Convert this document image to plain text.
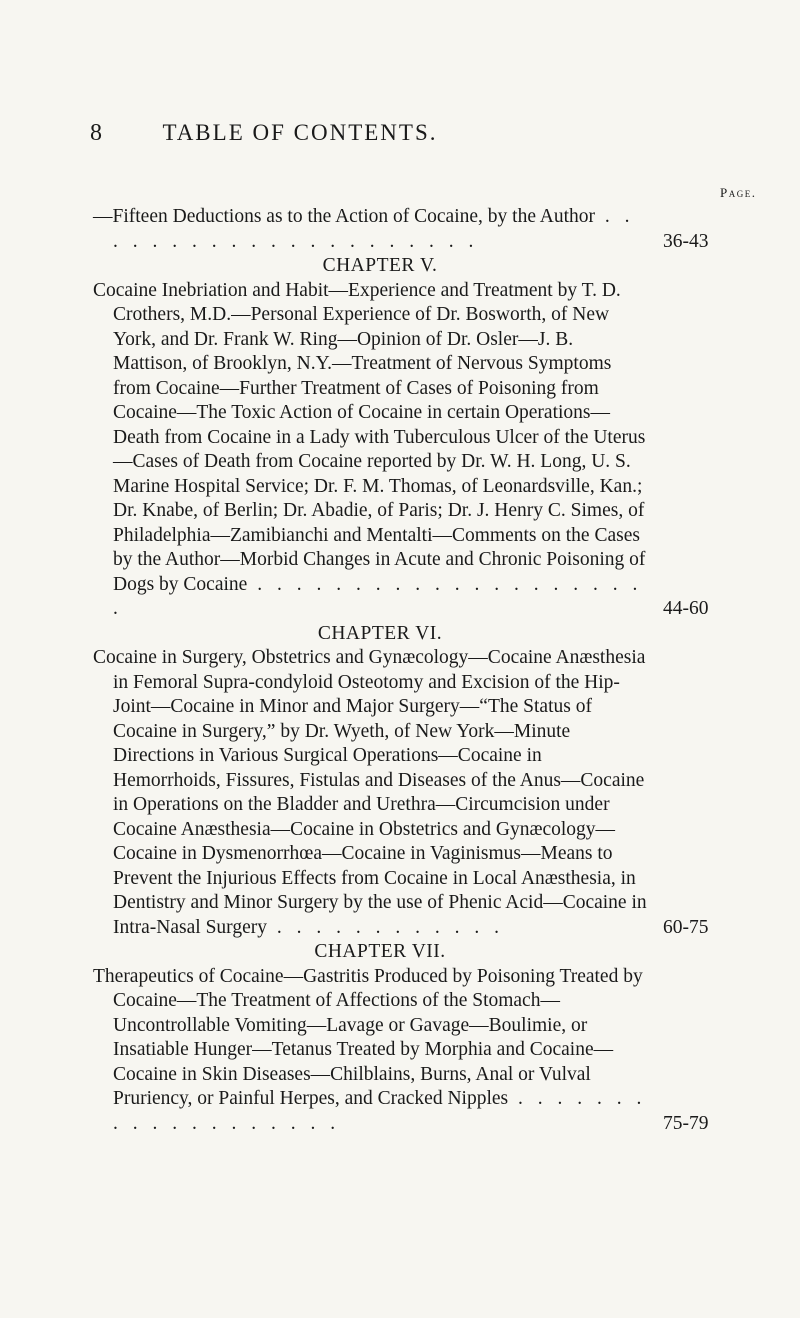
8	TABLE OF CONTENTS.
Page.
—Fifteen Deductions as to the Action of Cocaine, by the Author . . . . . . . . . . . . . . . . . . . . .	36-43
CHAPTER V.
Cocaine Inebriation and Habit—Experience and Treatment by T. D. Crothers, M.D.—Personal Experience of Dr. Bosworth, of New York, and Dr. Frank W. Ring—Opinion of Dr. Osler—J. B. Mattison, of Brooklyn, N.Y.—Treatment of Nervous Symptoms from Cocaine—Further Treatment of Cases of Poisoning from Cocaine—The Toxic Action of Cocaine in certain Operations—Death from Cocaine in a Lady with Tuberculous Ulcer of the Uterus—Cases of Death from Cocaine reported by Dr. W. H. Long, U. S. Marine Hospital Service; Dr. F. M. Thomas, of Leonardsville, Kan.; Dr. Knabe, of Berlin; Dr. Abadie, of Paris; Dr. J. Henry C. Simes, of Philadelphia—Zamibianchi and Mentalti—Comments on the Cases by the Author—Morbid Changes in Acute and Chronic Poisoning of Dogs by Cocaine . . . . . . . . . . . . . . . . . . . . .	44-60
CHAPTER VI.
Cocaine in Surgery, Obstetrics and Gynæcology—Cocaine Anæsthesia in Femoral Supra-condyloid Osteotomy and Excision of the Hip-Joint—Cocaine in Minor and Major Surgery—“The Status of Cocaine in Surgery,” by Dr. Wyeth, of New York—Minute Directions in Various Surgical Operations—Cocaine in Hemorrhoids, Fissures, Fistulas and Diseases of the Anus—Cocaine in Operations on the Bladder and Urethra—Circumcision under Cocaine Anæsthesia—Cocaine in Obstetrics and Gynæcology—Cocaine in Dysmenorrhœa—Cocaine in Vaginismus—Means to Prevent the Injurious Effects from Cocaine in Local Anæsthesia, in Dentistry and Minor Surgery by the use of Phenic Acid—Cocaine in Intra-Nasal Surgery . . . . . . . . . . . .	60-75
CHAPTER VII.
Therapeutics of Cocaine—Gastritis Produced by Poisoning Treated by Cocaine—The Treatment of Affections of the Stomach—Uncontrollable Vomiting—Lavage or Gavage—Boulimie, or Insatiable Hunger—Tetanus Treated by Morphia and Cocaine—Cocaine in Skin Diseases—Chilblains, Burns, Anal or Vulval Pruriency, or Painful Herpes, and Cracked Nipples . . . . . . . . . . . . . . . . . . .	75-79
